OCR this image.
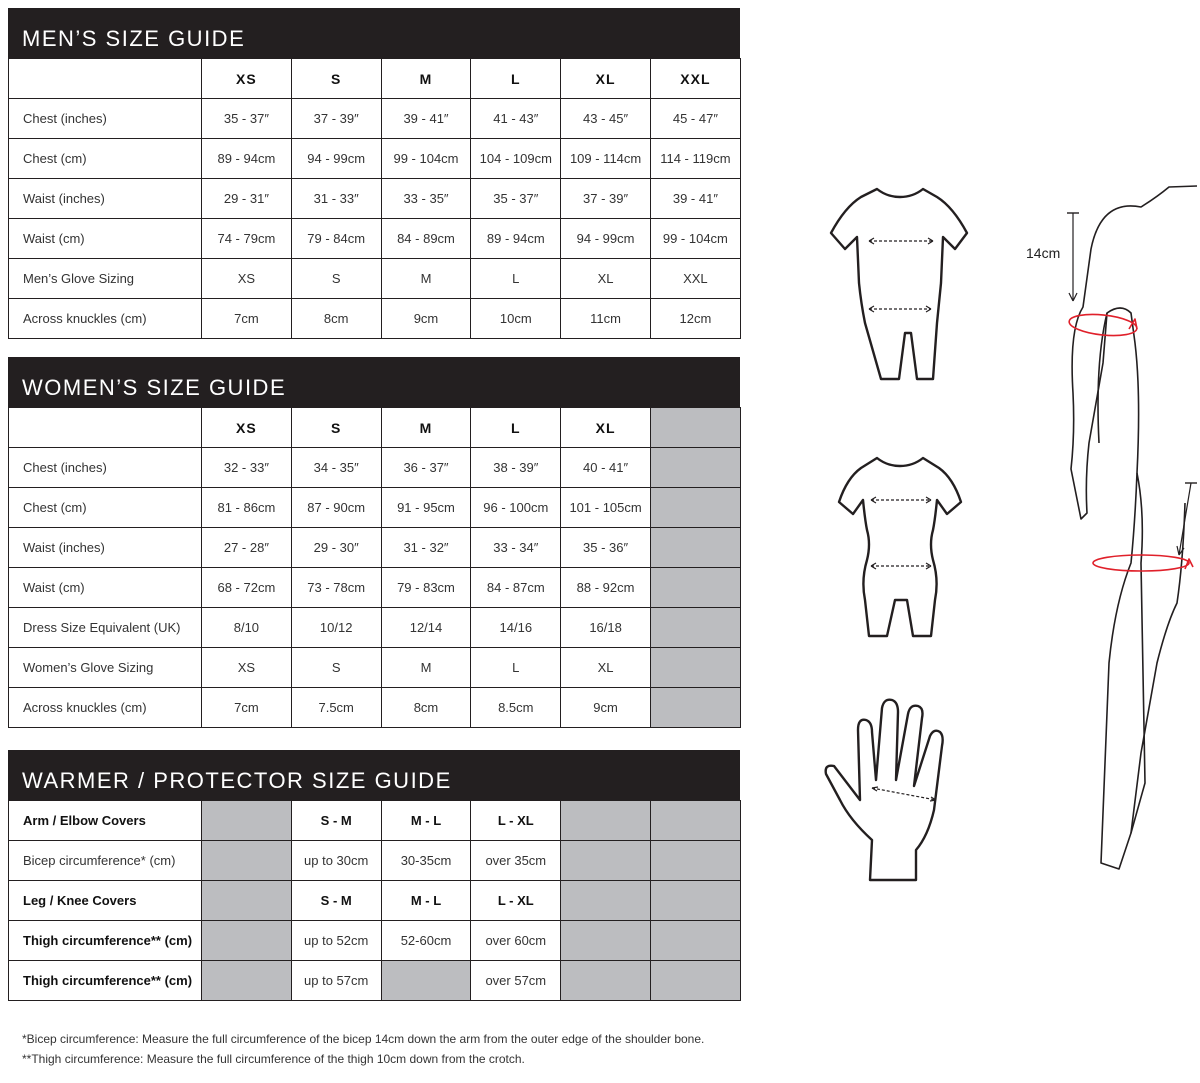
MEN’S SIZE GUIDE
	XS	S	M	L	XL	XXL
Chest (inches)	35 - 37″	37 - 39″	39 - 41″	41 - 43″	43 - 45″	45 - 47″
Chest (cm)	89 - 94cm	94 - 99cm	99 - 104cm	104 - 109cm	109 - 114cm	114 - 119cm
Waist (inches)	29 - 31″	31 - 33″	33 - 35″	35 - 37″	37 - 39″	39 - 41″
Waist (cm)	74 - 79cm	79 - 84cm	84 - 89cm	89 - 94cm	94 - 99cm	99 - 104cm
Men’s Glove Sizing	XS	S	M	L	XL	XXL
Across knuckles (cm)	7cm	8cm	9cm	10cm	11cm	12cm
WOMEN’S SIZE GUIDE
	XS	S	M	L	XL	
Chest (inches)	32 - 33″	34 - 35″	36 - 37″	38 - 39″	40 - 41″	
Chest (cm)	81 - 86cm	87 - 90cm	91 - 95cm	96 - 100cm	101 - 105cm	
Waist (inches)	27 - 28″	29 - 30″	31 - 32″	33 - 34″	35 - 36″	
Waist (cm)	68 - 72cm	73 - 78cm	79 - 83cm	84 - 87cm	88 - 92cm	
Dress Size Equivalent (UK)	8/10	10/12	12/14	14/16	16/18	
Women’s Glove Sizing	XS	S	M	L	XL	
Across knuckles (cm)	7cm	7.5cm	8cm	8.5cm	9cm	
WARMER / PROTECTOR SIZE GUIDE
Arm / Elbow Covers		S - M	M - L	L - XL		
Bicep circumference* (cm)		up to 30cm	30-35cm	over 35cm		
Leg / Knee Covers		S - M	M - L	L - XL		
Thigh circumference** (cm)		up to 52cm	52-60cm	over 60cm		
Thigh circumference** (cm)		up to 57cm		over 57cm		
*Bicep circumference: Measure the full circumference of the bicep 14cm down the arm from the outer edge of the shoulder bone.
**Thigh circumference: Measure the full circumference of the thigh 10cm down from the crotch.
14cm
